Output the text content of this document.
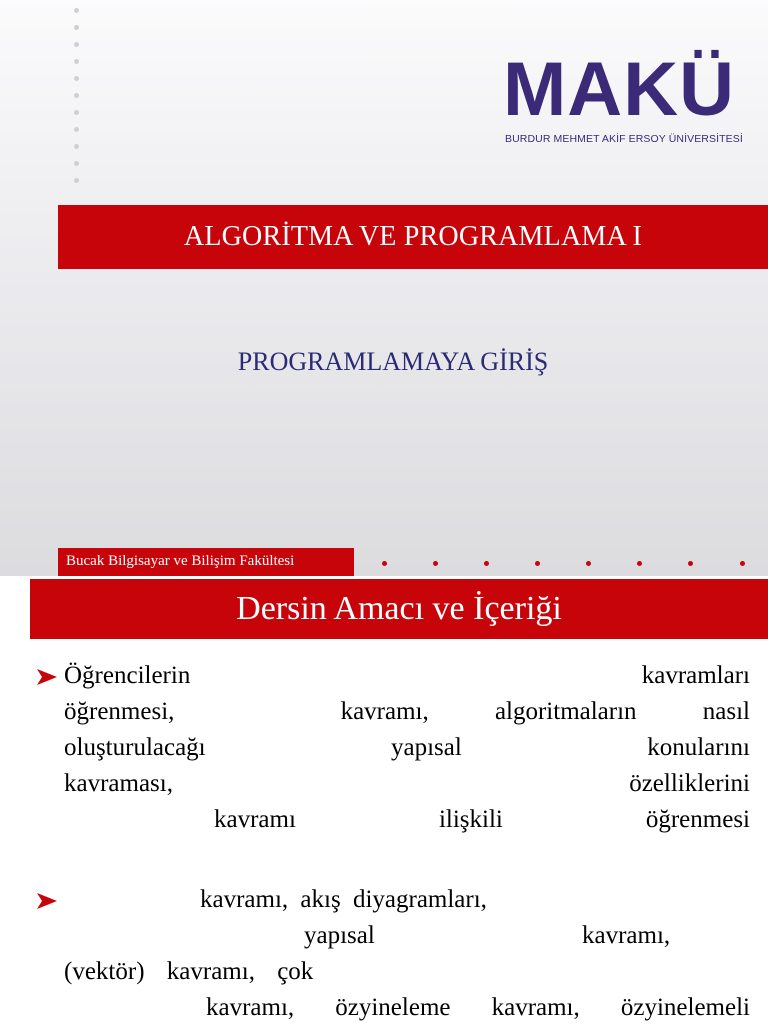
MAKÜ
BURDUR MEHMET AKİF ERSOY ÜNİVERSİTESİ
ALGORİTMA VE PROGRAMLAMA I
PROGRAMLAMAYA GİRİŞ
Bucak Bilgisayar ve Bilişim Fakültesi
Dersin Amacı ve İçeriği
Öğrencilerin	kavramları
öğrenmesi,	kavramı,	algoritmaların	nasıl
oluşturulacağı	yapısal	konularını
kavraması,	özelliklerini
kavramı	ilişkili	öğrenmesi
kavramı, akış diyagramları,
yapısal	kavramı,
(vektör) kavramı, çok
kavramı, özyineleme kavramı, özyinelemeli
